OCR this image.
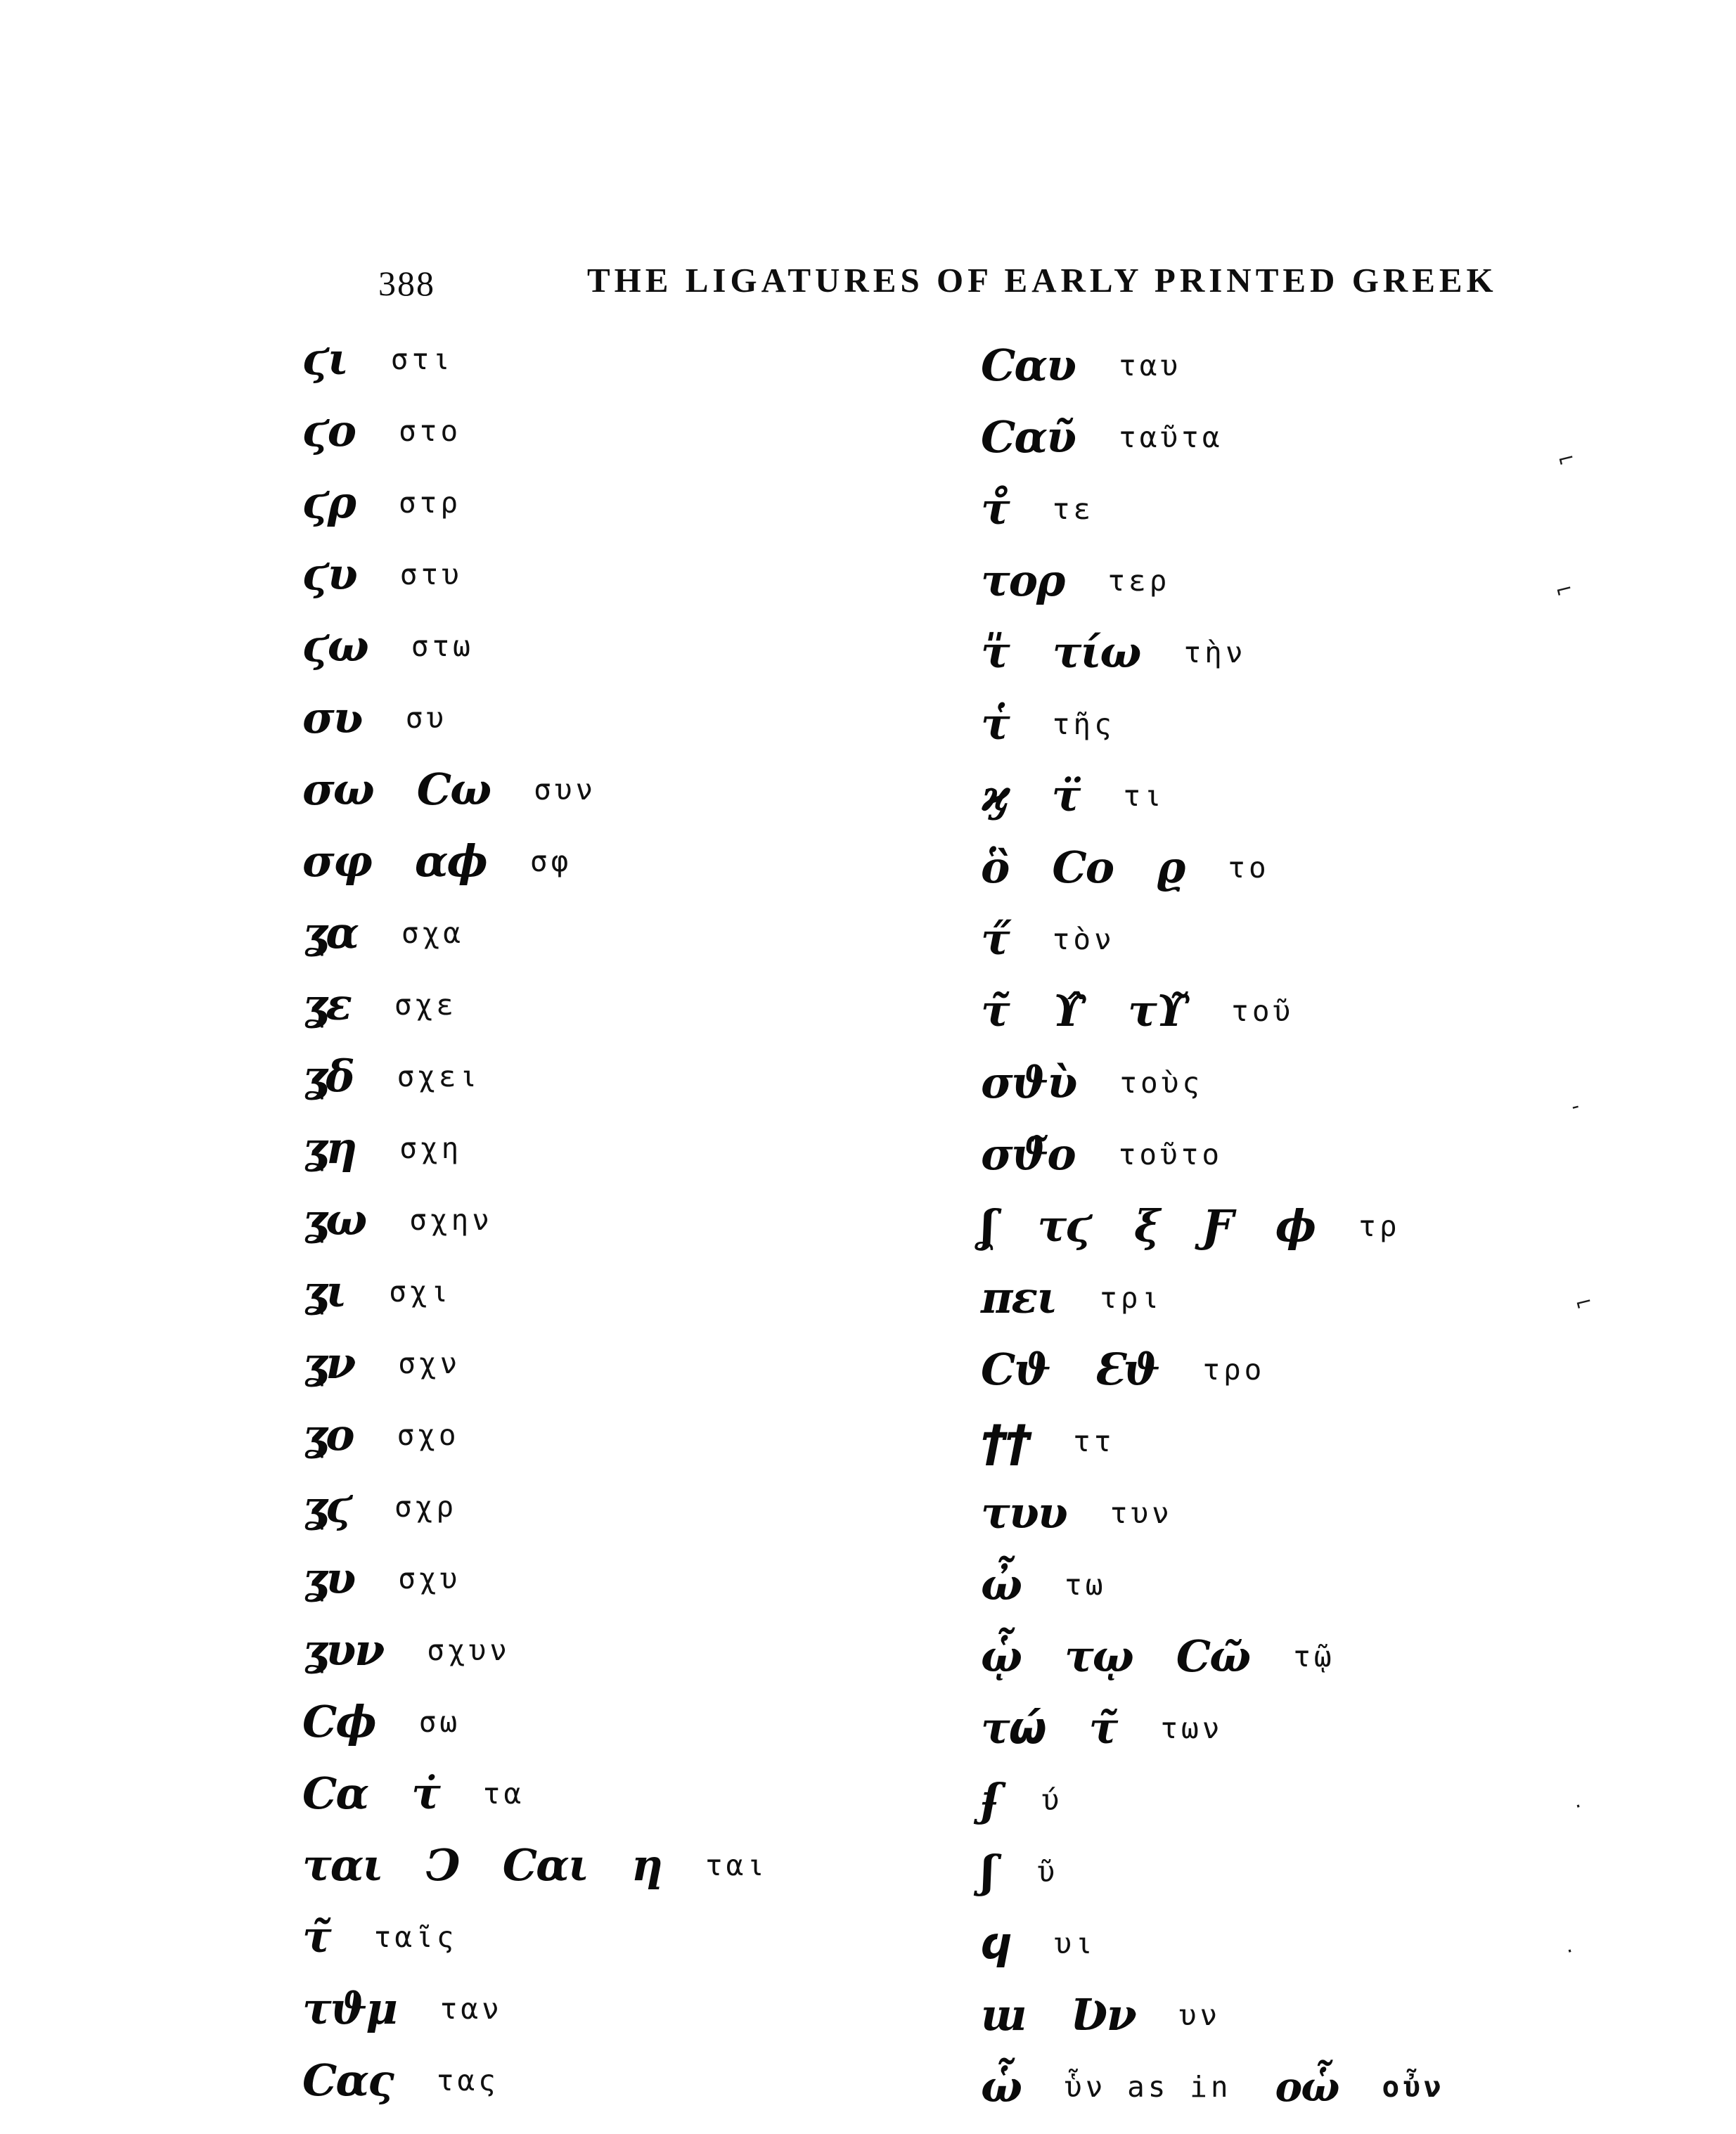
388	THE LIGATURES OF EARLY PRINTED GREEK
ϛι στι
ϛο στο
ϛρ στρ
ϛυ στυ
ϛω στω
σʋ συ
σω Ϲω συν
σφ αϕ σφ
ʓα σχα
ʓε σχε
ʓδ σχει
ʓη σχη
ʓω σχην
ʓι σχι
ʓν σχν
ʓο σχο
ʓϛ σχρ
ʓυ σχυ
ʓυν σχυν
Ϲϕ σω
Ϲα τ̇ τα
ται Ͻ Ϲαι ƞ ται
τ̃ ταῖς
τϑμ ταν
Ϲας τας
Ϲαυ ταυ
Ϲαῦ ταῦτα
τ̊ τε
τορ τερ
τ̎ τίω τὴν
τ̔ τῆς
ϗ τ̈ τι
ὃ Ϲο ϱ το
τ̋ τὸν
τ̃ ϒ̂ τϒ̃ τοῦ
σϑὺ τοὺς
σϑ̃ο τοῦτο
ʆ τϛ ξ Ƒ ϕ τρ
πει τρι
Ϲϑ Ɛϑ τρο
ϯϯ ττ
τυυ τυν
ὦ τω
ᾧ τῳ Ϲῶ τῷ
τѡ́ τ̃ των
ʄ ύ
ʃ ῦ
ϥ υι
ɯ Ʋν υν
ὧ ὗν as in οὧ οὖν
⌐
⌐
-
⌐
·
·
